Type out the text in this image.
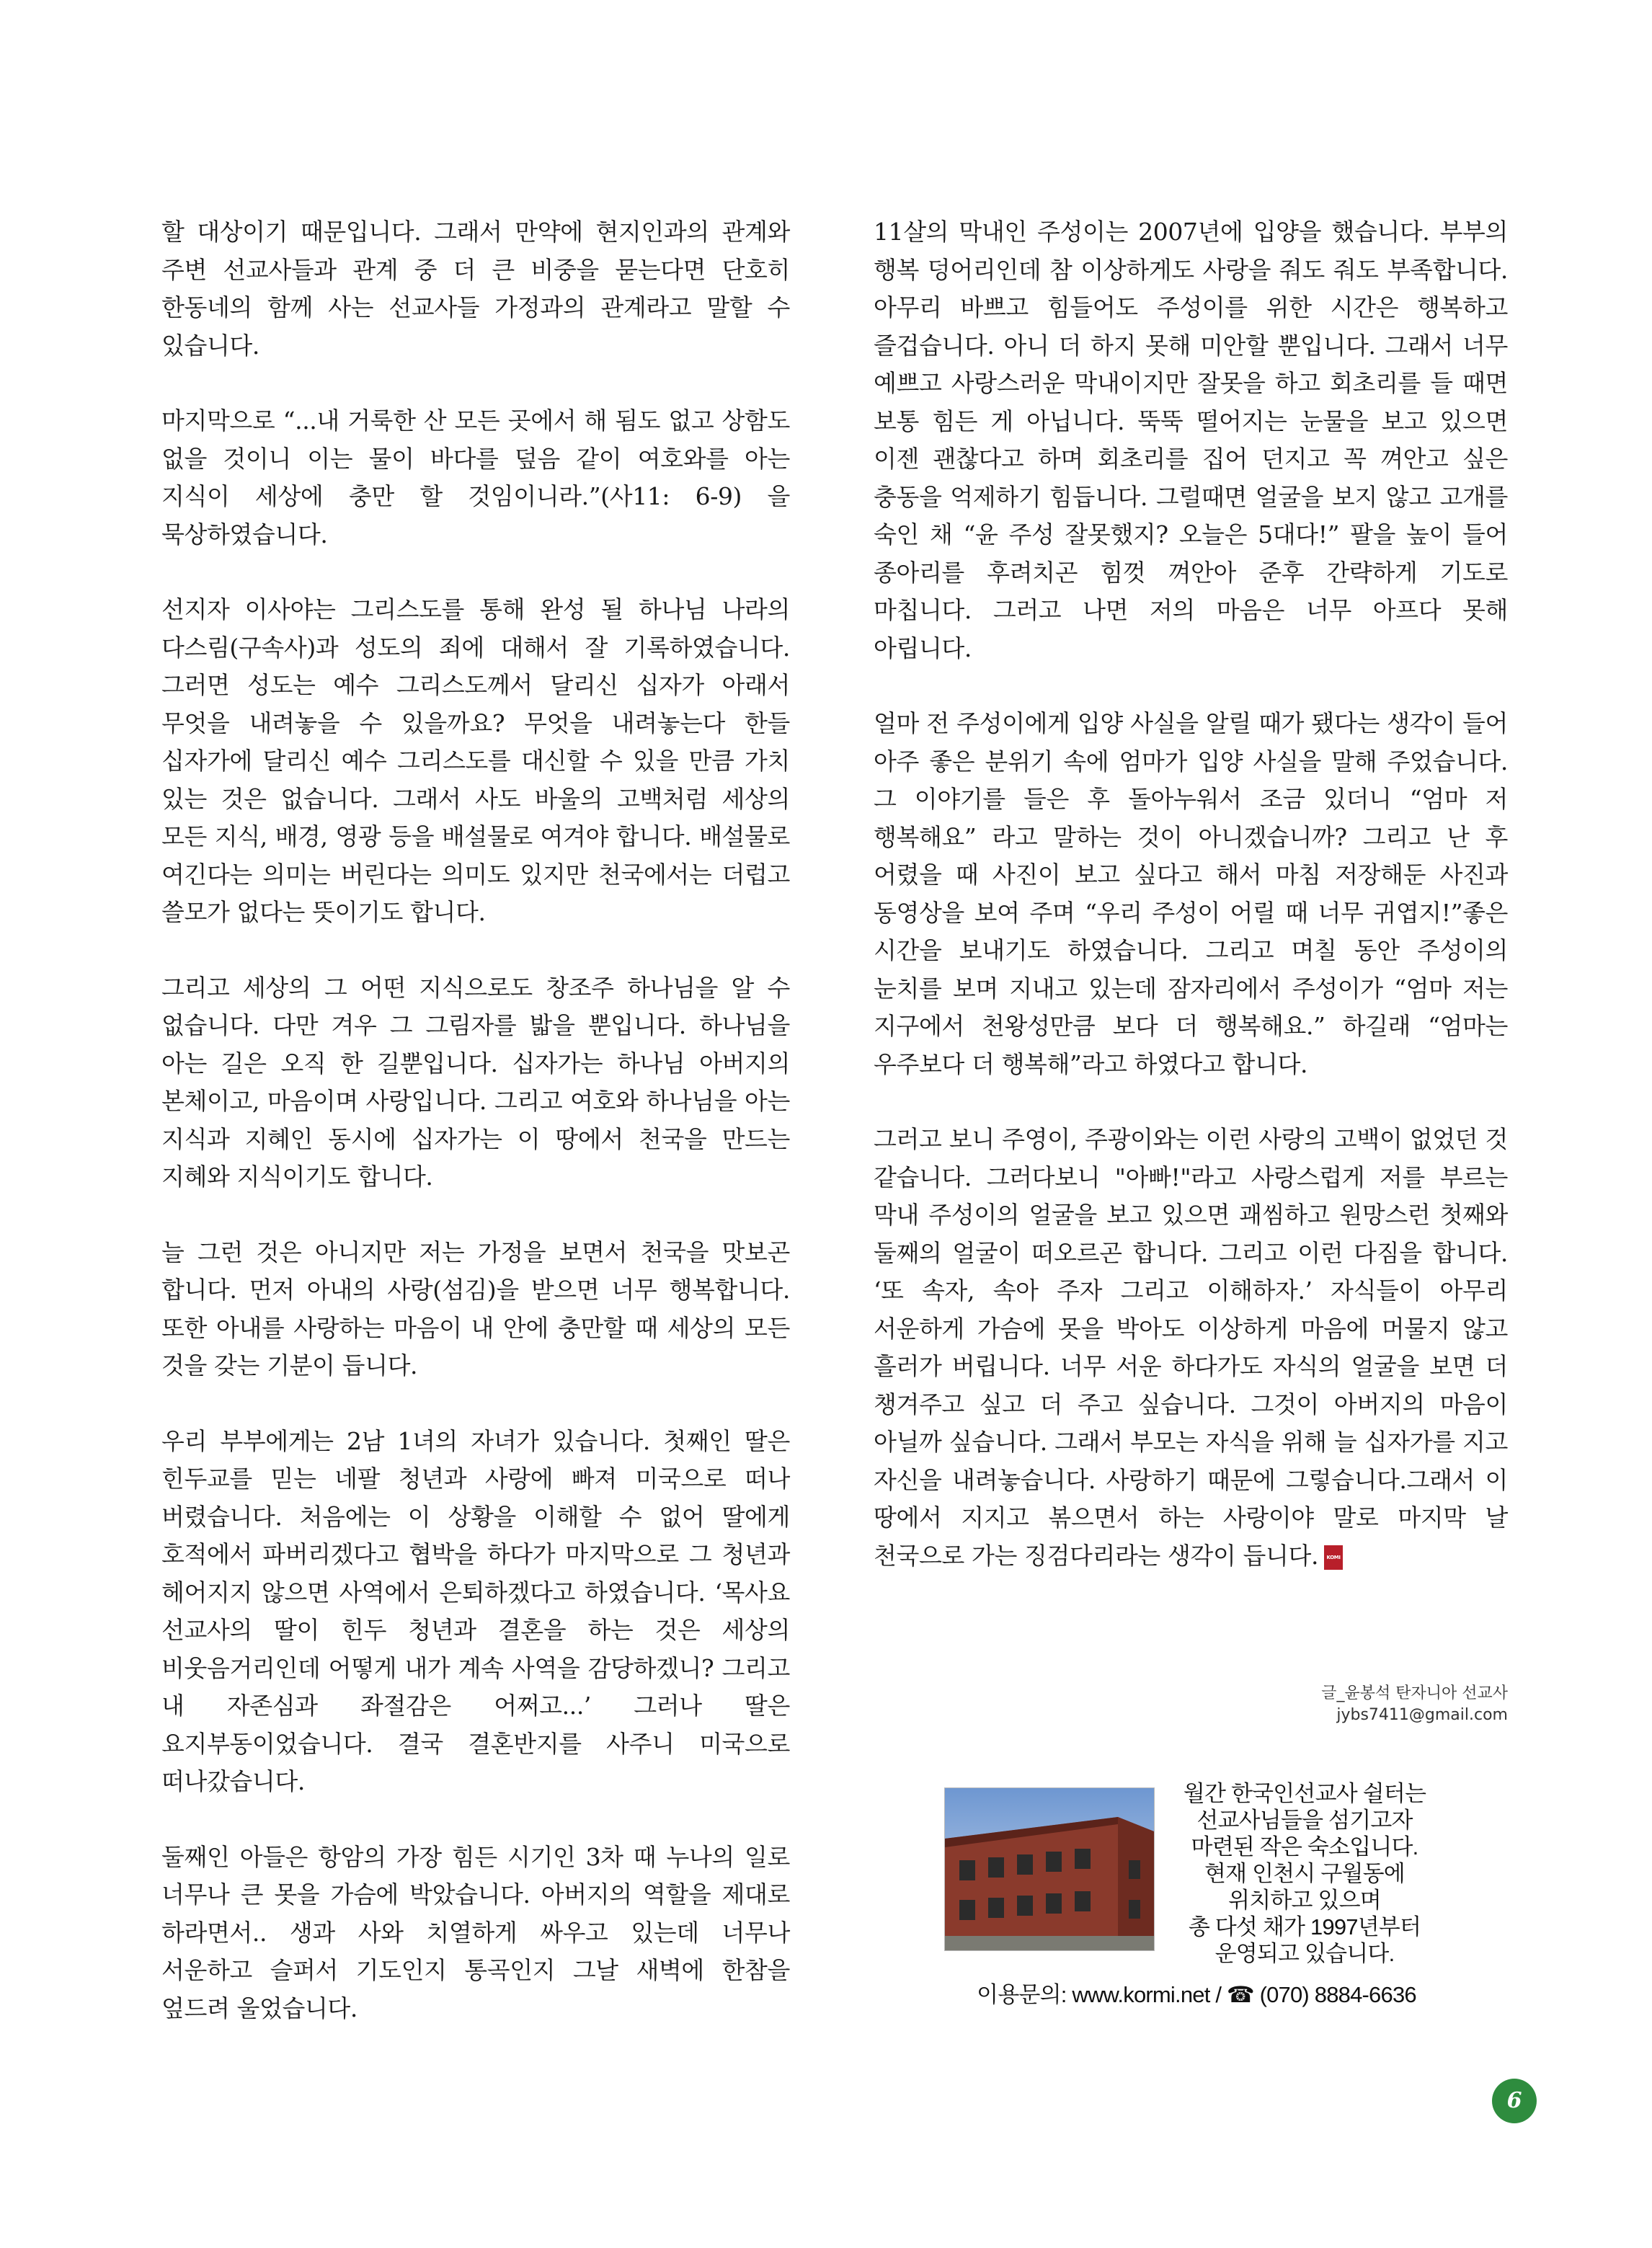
할 대상이기 때문입니다. 그래서 만약에 현지인과의 관계와 주변 선교사들과 관계 중 더 큰 비중을 묻는다면 단호히 한동네의 함께 사는 선교사들 가정과의 관계라고 말할 수 있습니다.

마지막으로 “...내 거룩한 산 모든 곳에서 해 됨도 없고 상함도 없을 것이니 이는 물이 바다를 덮음 같이 여호와를 아는 지식이 세상에 충만 할 것임이니라.”(사11: 6-9) 을 묵상하였습니다.

선지자 이사야는 그리스도를 통해 완성 될 하나님 나라의 다스림(구속사)과 성도의 죄에 대해서 잘 기록하였습니다. 그러면 성도는 예수 그리스도께서 달리신 십자가 아래서 무엇을 내려놓을 수 있을까요? 무엇을 내려놓는다 한들 십자가에 달리신 예수 그리스도를 대신할 수 있을 만큼 가치 있는 것은 없습니다. 그래서 사도 바울의 고백처럼 세상의 모든 지식, 배경, 영광 등을 배설물로 여겨야 합니다. 배설물로 여긴다는 의미는 버린다는 의미도 있지만 천국에서는 더럽고 쓸모가 없다는 뜻이기도 합니다.

그리고 세상의 그 어떤 지식으로도 창조주 하나님을 알 수 없습니다. 다만 겨우 그 그림자를 밟을 뿐입니다. 하나님을 아는 길은 오직 한 길뿐입니다. 십자가는 하나님 아버지의 본체이고, 마음이며 사랑입니다. 그리고 여호와 하나님을 아는 지식과 지혜인 동시에 십자가는 이 땅에서 천국을 만드는 지혜와 지식이기도 합니다.

늘 그런 것은 아니지만 저는 가정을 보면서 천국을 맛보곤 합니다. 먼저 아내의 사랑(섬김)을 받으면 너무 행복합니다. 또한 아내를 사랑하는 마음이 내 안에 충만할 때 세상의 모든 것을 갖는 기분이 듭니다.

우리 부부에게는 2남 1녀의 자녀가 있습니다. 첫째인 딸은 힌두교를 믿는 네팔 청년과 사랑에 빠져 미국으로 떠나 버렸습니다. 처음에는 이 상황을 이해할 수 없어 딸에게 호적에서 파버리겠다고 협박을 하다가 마지막으로 그 청년과 헤어지지 않으면 사역에서 은퇴하겠다고 하였습니다. ‘목사요 선교사의 딸이 힌두 청년과 결혼을 하는 것은 세상의 비웃음거리인데 어떻게 내가 계속 사역을 감당하겠니? 그리고 내 자존심과 좌절감은 어쩌고...’ 그러나 딸은 요지부동이었습니다. 결국 결혼반지를 사주니 미국으로 떠나갔습니다.

둘째인 아들은 항암의 가장 힘든 시기인 3차 때 누나의 일로 너무나 큰 못을 가슴에 박았습니다. 아버지의 역할을 제대로 하라면서.. 생과 사와 치열하게 싸우고 있는데 너무나 서운하고 슬퍼서 기도인지 통곡인지 그날 새벽에 한참을 엎드려 울었습니다.

11살의 막내인 주성이는 2007년에 입양을 했습니다. 부부의 행복 덩어리인데 참 이상하게도 사랑을 줘도 줘도 부족합니다. 아무리 바쁘고 힘들어도 주성이를 위한 시간은 행복하고 즐겁습니다. 아니 더 하지 못해 미안할 뿐입니다. 그래서 너무 예쁘고 사랑스러운 막내이지만 잘못을 하고 회초리를 들 때면 보통 힘든 게 아닙니다. 뚝뚝 떨어지는 눈물을 보고 있으면 이젠 괜찮다고 하며 회초리를 집어 던지고 꼭 껴안고 싶은 충동을 억제하기 힘듭니다. 그럴때면 얼굴을 보지 않고 고개를 숙인 채 “윤 주성 잘못했지? 오늘은 5대다!” 팔을 높이 들어 종아리를 후려치곤 힘껏 껴안아 준후 간략하게 기도로 마칩니다. 그러고 나면 저의 마음은 너무 아프다 못해 아립니다.

얼마 전 주성이에게 입양 사실을 알릴 때가 됐다는 생각이 들어 아주 좋은 분위기 속에 엄마가 입양 사실을 말해 주었습니다. 그 이야기를 들은 후 돌아누워서 조금 있더니 “엄마 저 행복해요” 라고 말하는 것이 아니겠습니까? 그리고 난 후 어렸을 때 사진이 보고 싶다고 해서 마침 저장해둔 사진과 동영상을 보여 주며 “우리 주성이 어릴 때 너무 귀엽지!”좋은 시간을 보내기도 하였습니다. 그리고 며칠 동안 주성이의 눈치를 보며 지내고 있는데 잠자리에서 주성이가 “엄마 저는 지구에서 천왕성만큼 보다 더 행복해요.” 하길래 “엄마는 우주보다 더 행복해”라고 하였다고 합니다.

그러고 보니 주영이, 주광이와는 이런 사랑의 고백이 없었던 것 같습니다. 그러다보니 "아빠!"라고 사랑스럽게 저를 부르는 막내 주성이의 얼굴을 보고 있으면 괘씸하고 원망스런 첫째와 둘째의 얼굴이 떠오르곤 합니다. 그리고 이런 다짐을 합니다. ‘또 속자, 속아 주자 그리고 이해하자.’ 자식들이 아무리 서운하게 가슴에 못을 박아도 이상하게 마음에 머물지 않고 흘러가 버립니다. 너무 서운 하다가도 자식의 얼굴을 보면 더 챙겨주고 싶고 더 주고 싶습니다. 그것이 아버지의 마음이 아닐까 싶습니다. 그래서 부모는 자식을 위해 늘 십자가를 지고 자신을 내려놓습니다. 사랑하기 때문에 그렇습니다.그래서 이 땅에서 지지고 볶으면서 하는 사랑이야 말로 마지막 날 천국으로 가는 징검다리라는 생각이 듭니다. KOMI

글_윤봉석 탄자니아 선교사
jybs7411@gmail.com
월간 한국인선교사 쉴터는
선교사님들을 섬기고자
마련된 작은 숙소입니다.
현재 인천시 구월동에
위치하고 있으며
총 다섯 채가 1997년부터
운영되고 있습니다.
이용문의: www.kormi.net / ☎ (070) 8884-6636
6
